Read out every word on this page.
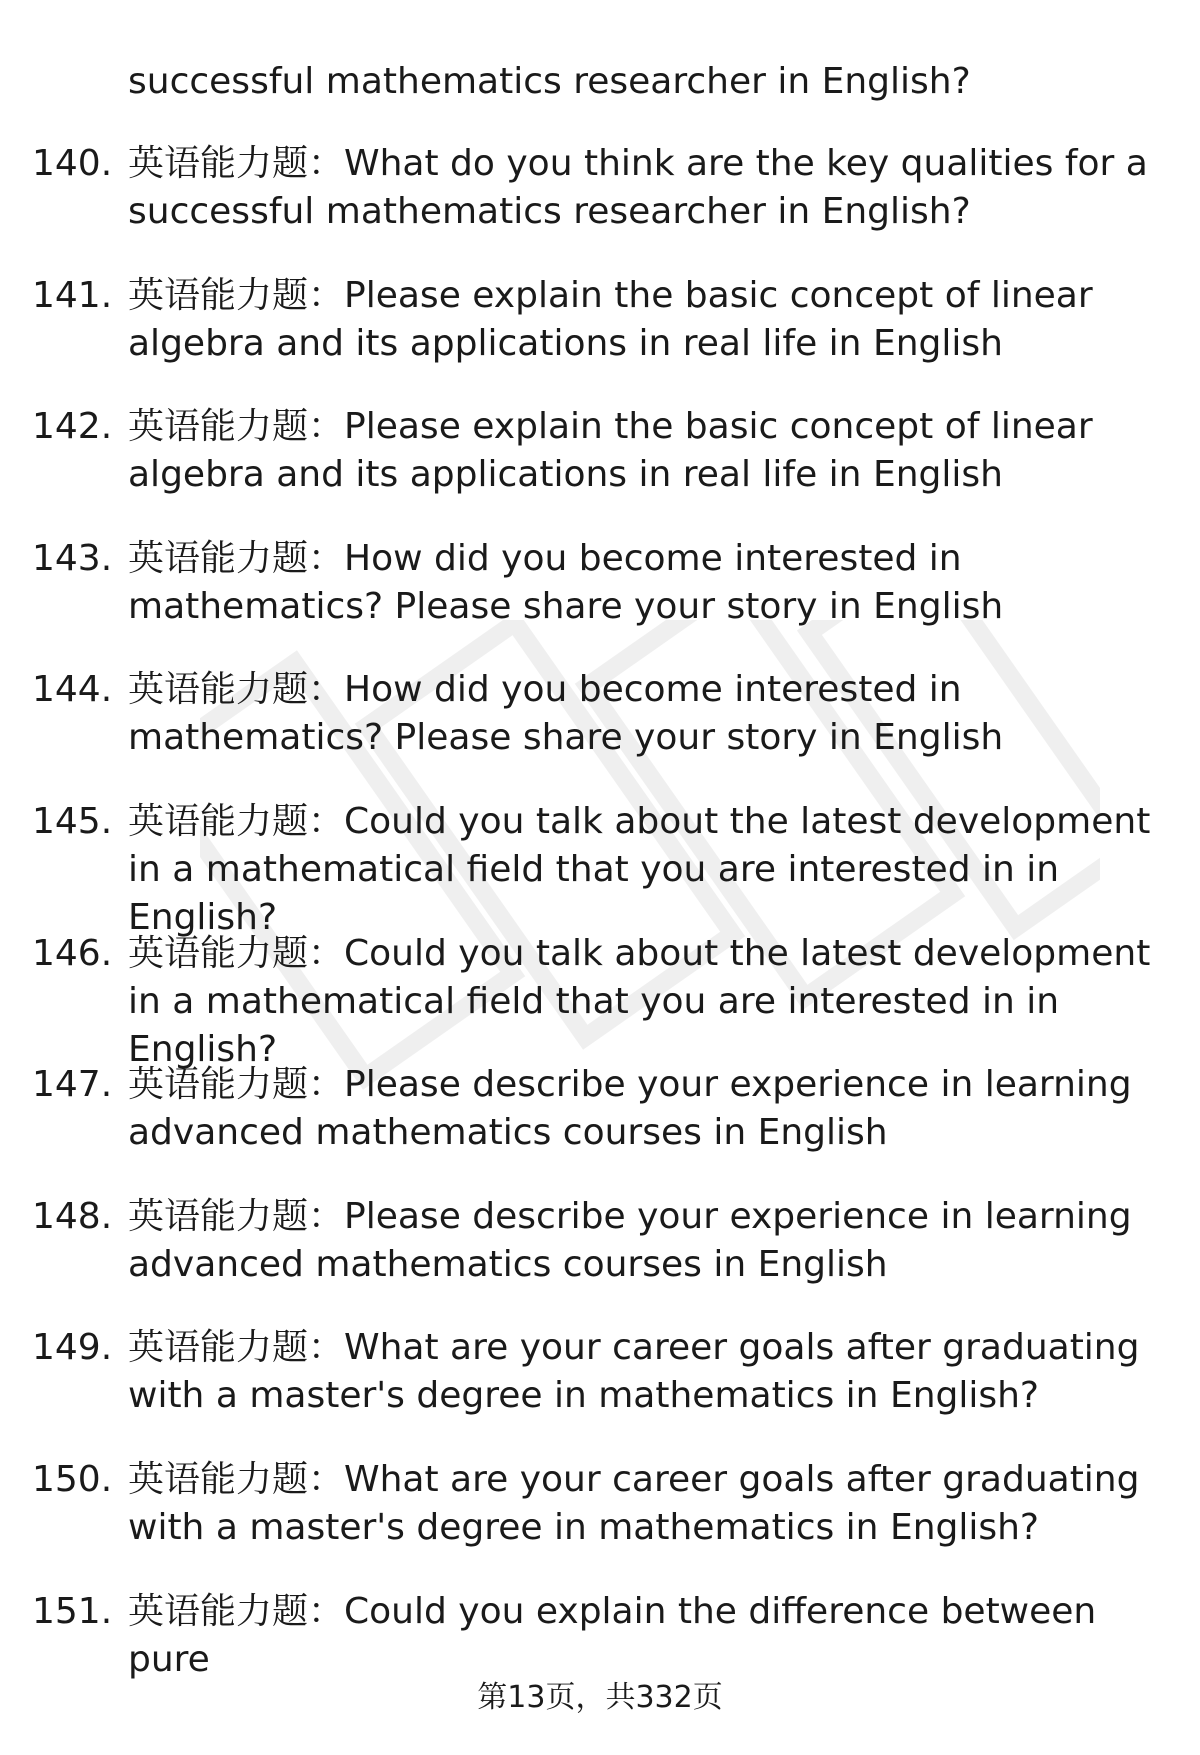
successful mathematics researcher in English?
140. 英语能力题：What do you think are the key qualities for a successful mathematics researcher in English?
141. 英语能力题：Please explain the basic concept of linear algebra and its applications in real life in English
142. 英语能力题：Please explain the basic concept of linear algebra and its applications in real life in English
143. 英语能力题：How did you become interested in mathematics? Please share your story in English
144. 英语能力题：How did you become interested in mathematics? Please share your story in English
145. 英语能力题：Could you talk about the latest development in a mathematical field that you are interested in in English?
146. 英语能力题：Could you talk about the latest development in a mathematical field that you are interested in in English?
147. 英语能力题：Please describe your experience in learning advanced mathematics courses in English
148. 英语能力题：Please describe your experience in learning advanced mathematics courses in English
149. 英语能力题：What are your career goals after graduating with a master's degree in mathematics in English?
150. 英语能力题：What are your career goals after graduating with a master's degree in mathematics in English?
151. 英语能力题：Could you explain the difference between pure
第13页，共332页
